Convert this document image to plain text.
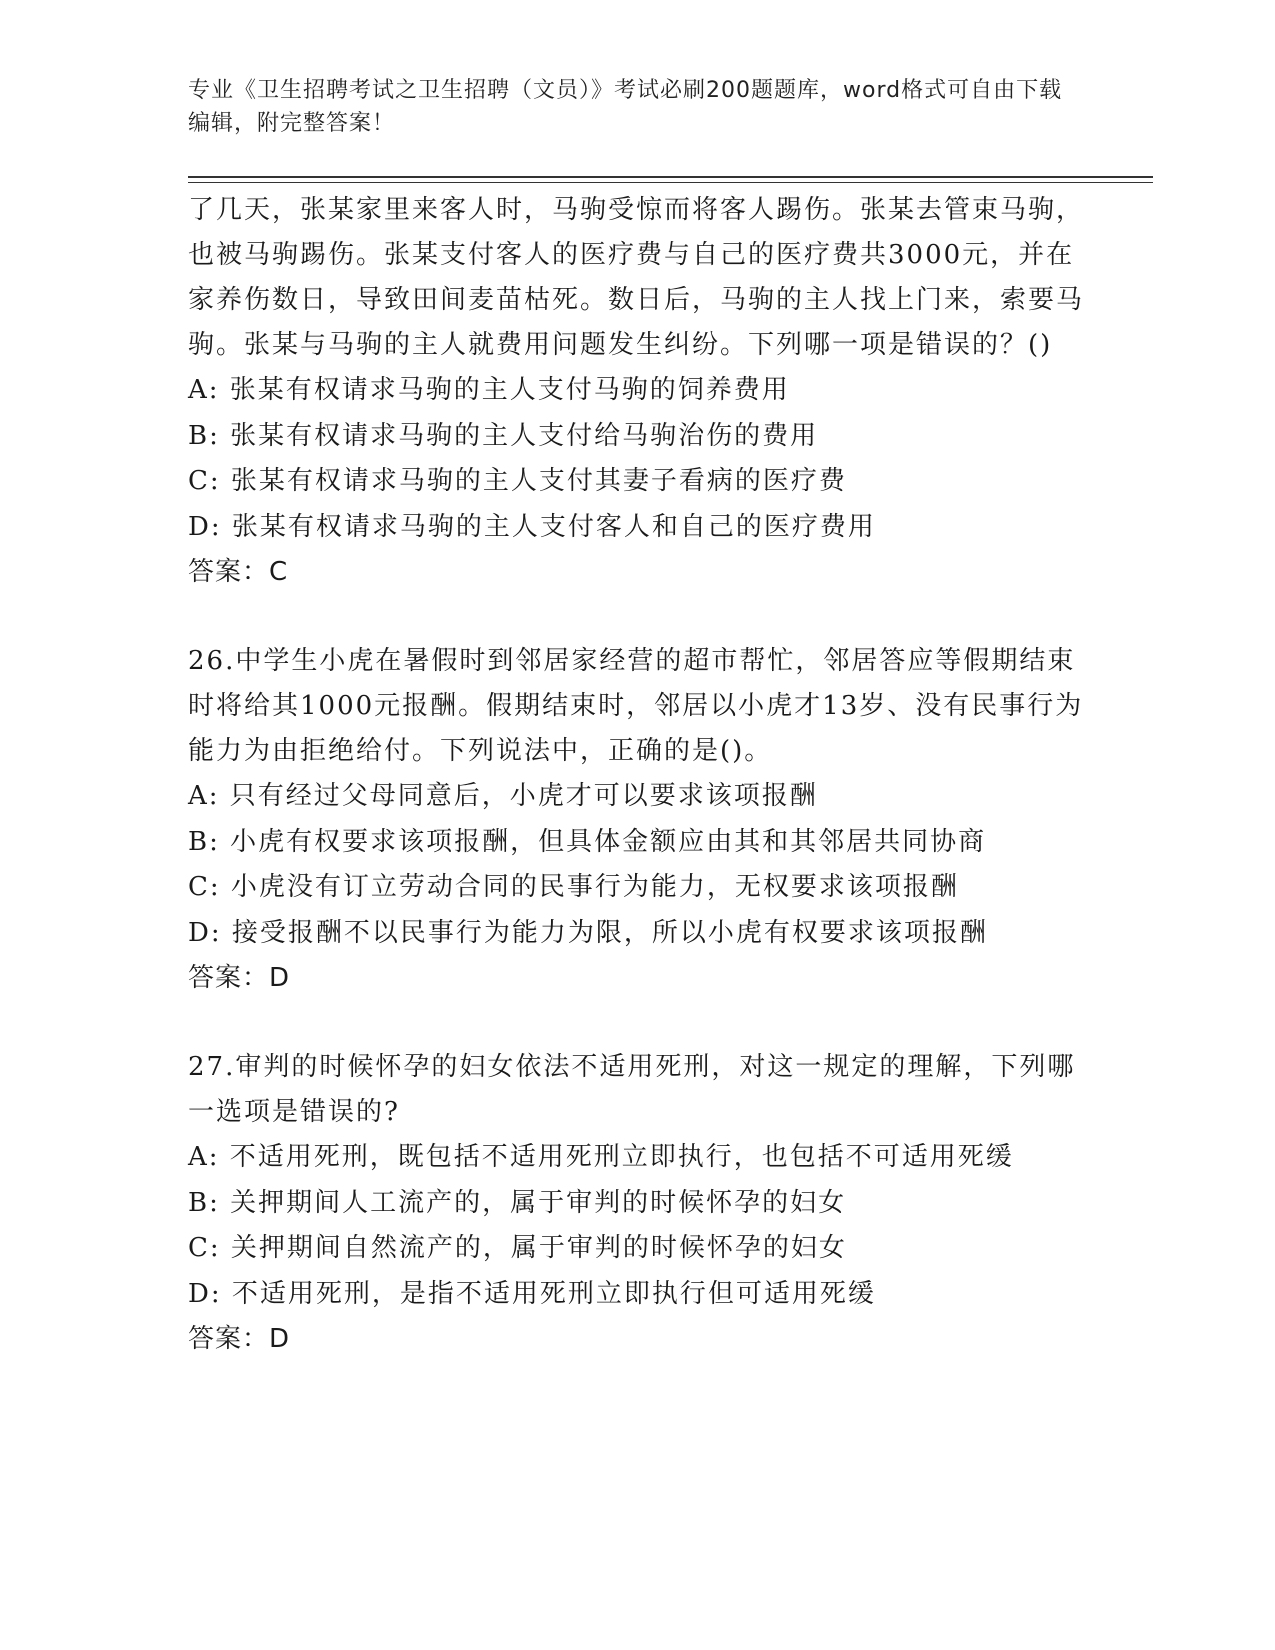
专业《卫生招聘考试之卫生招聘（文员）》考试必刷200题题库，word格式可自由下载编辑，附完整答案！

了几天，张某家里来客人时，马驹受惊而将客人踢伤。张某去管束马驹，也被马驹踢伤。张某支付客人的医疗费与自己的医疗费共3000元，并在家养伤数日，导致田间麦苗枯死。数日后，马驹的主人找上门来，索要马驹。张某与马驹的主人就费用问题发生纠纷。下列哪一项是错误的？()

A: 张某有权请求马驹的主人支付马驹的饲养费用

B: 张某有权请求马驹的主人支付给马驹治伤的费用

C: 张某有权请求马驹的主人支付其妻子看病的医疗费

D: 张某有权请求马驹的主人支付客人和自己的医疗费用

答案：C

26.中学生小虎在暑假时到邻居家经营的超市帮忙，邻居答应等假期结束时将给其1000元报酬。假期结束时，邻居以小虎才13岁、没有民事行为能力为由拒绝给付。下列说法中，正确的是()。

A: 只有经过父母同意后，小虎才可以要求该项报酬

B: 小虎有权要求该项报酬，但具体金额应由其和其邻居共同协商

C: 小虎没有订立劳动合同的民事行为能力，无权要求该项报酬

D: 接受报酬不以民事行为能力为限，所以小虎有权要求该项报酬

答案：D

27.审判的时候怀孕的妇女依法不适用死刑，对这一规定的理解，下列哪一选项是错误的?

A: 不适用死刑，既包括不适用死刑立即执行，也包括不可适用死缓

B: 关押期间人工流产的，属于审判的时候怀孕的妇女

C: 关押期间自然流产的，属于审判的时候怀孕的妇女

D: 不适用死刑，是指不适用死刑立即执行但可适用死缓

答案：D
